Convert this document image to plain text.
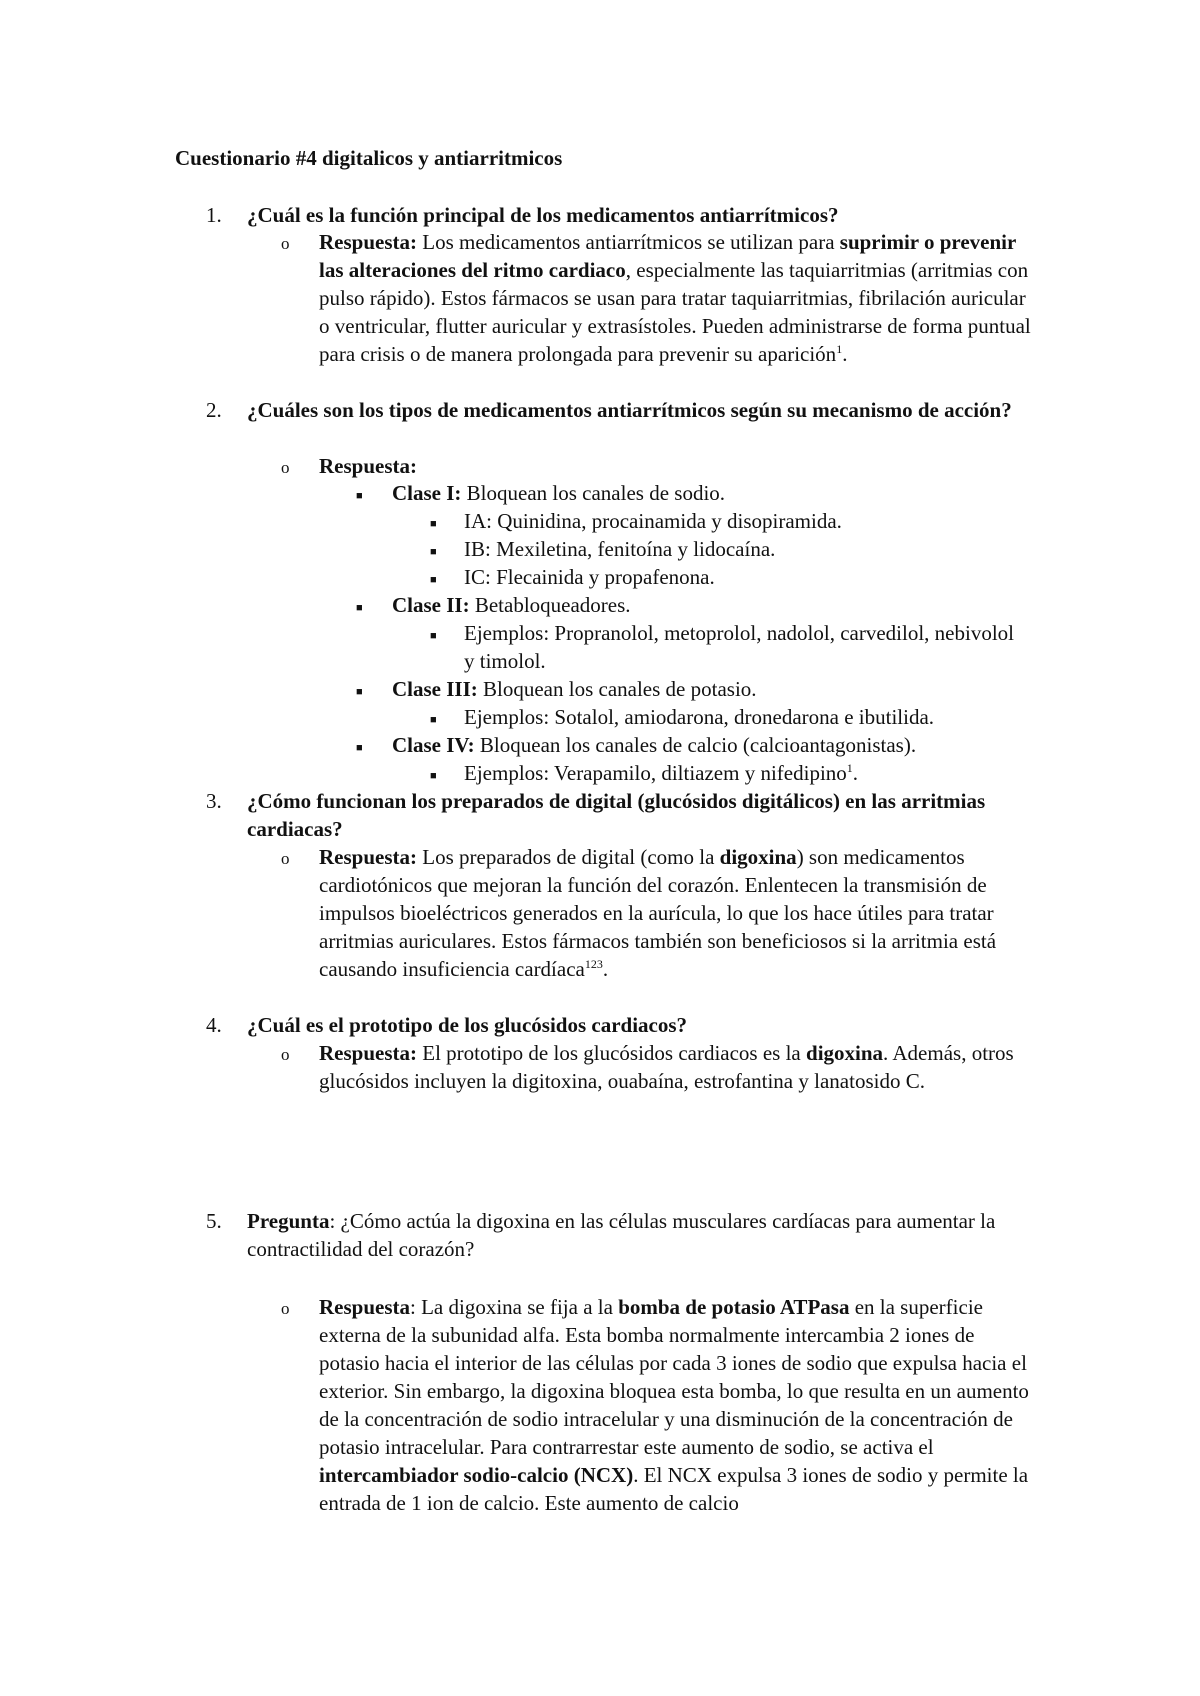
Cuestionario #4 digitalicos y antiarritmicos
1. ¿Cuál es la función principal de los medicamentos antiarrítmicos?
o Respuesta: Los medicamentos antiarrítmicos se utilizan para suprimir o prevenir las alteraciones del ritmo cardiaco, especialmente las taquiarritmias (arritmias con pulso rápido). Estos fármacos se usan para tratar taquiarritmias, fibrilación auricular o ventricular, flutter auricular y extrasístoles. Pueden administrarse de forma puntual para crisis o de manera prolongada para prevenir su aparición$^1$.
2. ¿Cuáles son los tipos de medicamentos antiarrítmicos según su mecanismo de acción?
o Respuesta:
■ Clase I: Bloquean los canales de sodio.
■ IA: Quinidina, procainamida y disopiramida.
■ IB: Mexiletina, fenitoína y lidocaína.
■ IC: Flecainida y propafenona.
■ Clase II: Betabloqueadores.
■ Ejemplos: Propranolol, metoprolol, nadolol, carvedilol, nebivolol y timolol.
■ Clase III: Bloquean los canales de potasio.
■ Ejemplos: Sotalol, amiodarona, dronedarona e ibutilida.
■ Clase IV: Bloquean los canales de calcio (calcioantagonistas).
■ Ejemplos: Verapamilo, diltiazem y nifedipino$^1$.
3. ¿Cómo funcionan los preparados de digital (glucósidos digitálicos) en las arritmias cardiacas?
o Respuesta: Los preparados de digital (como la digoxina) son medicamentos cardiotónicos que mejoran la función del corazón. Enlentecen la transmisión de impulsos bioeléctricos generados en la aurícula, lo que los hace útiles para tratar arritmias auriculares. Estos fármacos también son beneficiosos si la arritmia está causando insuficiencia cardíaca$^{123}$.
4. ¿Cuál es el prototipo de los glucósidos cardiacos?
o Respuesta: El prototipo de los glucósidos cardiacos es la digoxina. Además, otros glucósidos incluyen la digitoxina, ouabaína, estrofantina y lanatosido C.
5. Pregunta: ¿Cómo actúa la digoxina en las células musculares cardíacas para aumentar la contractilidad del corazón?
o Respuesta: La digoxina se fija a la bomba de potasio ATPasa en la superficie externa de la subunidad alfa. Esta bomba normalmente intercambia 2 iones de potasio hacia el interior de las células por cada 3 iones de sodio que expulsa hacia el exterior. Sin embargo, la digoxina bloquea esta bomba, lo que resulta en un aumento de la concentración de sodio intracelular y una disminución de la concentración de potasio intracelular. Para contrarrestar este aumento de sodio, se activa el intercambiador sodio-calcio (NCX). El NCX expulsa 3 iones de sodio y permite la entrada de 1 ion de calcio. Este aumento de calcio
